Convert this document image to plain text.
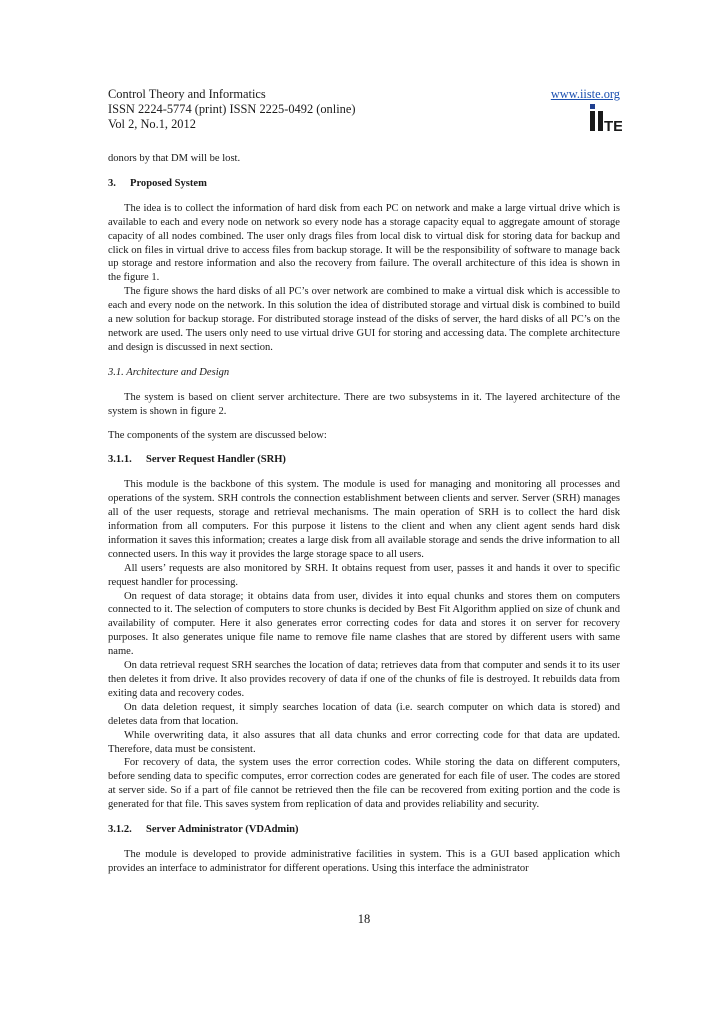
Control Theory and Informatics
ISSN 2224-5774 (print) ISSN 2225-0492 (online)
Vol 2, No.1, 2012
www.iiste.org
TE

donors by that DM will be lost.

3. Proposed System

The idea is to collect the information of hard disk from each PC on network and make a large virtual drive which is available to each and every node on network so every node has a storage capacity equal to aggregate amount of storage capacity of all nodes combined. The user only drags files from local disk to virtual disk for storing data for backup and click on files in virtual drive to access files from backup storage. It will be the responsibility of software to manage back up storage and restore information and also the recovery from failure. The overall architecture of this idea is shown in the figure 1.

The figure shows the hard disks of all PC’s over network are combined to make a virtual disk which is accessible to each and every node on the network. In this solution the idea of distributed storage and virtual disk is combined to build a new solution for backup storage. For distributed storage instead of the disks of server, the hard disks of all PC’s on the network are used. The users only need to use virtual drive GUI for storing and accessing data. The complete architecture and design is discussed in next section.

3.1. Architecture and Design

The system is based on client server architecture. There are two subsystems in it. The layered architecture of the system is shown in figure 2.

The components of the system are discussed below:

3.1.1. Server Request Handler (SRH)

This module is the backbone of this system. The module is used for managing and monitoring all processes and operations of the system. SRH controls the connection establishment between clients and server. Server (SRH) manages all of the user requests, storage and retrieval mechanisms. The main operation of SRH is to collect the hard disk information from all computers. For this purpose it listens to the client and when any client agent sends hard disk information it saves this information; creates a large disk from all available storage and sends the drive information to all connected users. In this way it provides the large storage space to all users.

All users’ requests are also monitored by SRH. It obtains request from user, passes it and hands it over to specific request handler for processing.

On request of data storage; it obtains data from user, divides it into equal chunks and stores them on computers connected to it. The selection of computers to store chunks is decided by Best Fit Algorithm applied on size of chunk and availability of computer. Here it also generates error correcting codes for data and stores it on server for recovery purposes. It also generates unique file name to remove file name clashes that are stored by different users with same name.

On data retrieval request SRH searches the location of data; retrieves data from that computer and sends it to its user then deletes it from drive. It also provides recovery of data if one of the chunks of file is destroyed. It rebuilds data from exiting data and recovery codes.

On data deletion request, it simply searches location of data (i.e. search computer on which data is stored) and deletes data from that location.

While overwriting data, it also assures that all data chunks and error correcting code for that data are updated. Therefore, data must be consistent.

For recovery of data, the system uses the error correction codes. While storing the data on different computers, before sending data to specific computes, error correction codes are generated for each file of user. The codes are stored at server side. So if a part of file cannot be retrieved then the file can be recovered from exiting portion and the code is generated for that file. This saves system from replication of data and provides reliability and security.

3.1.2. Server Administrator (VDAdmin)

The module is developed to provide administrative facilities in system. This is a GUI based application which provides an interface to administrator for different operations. Using this interface the administrator

18
